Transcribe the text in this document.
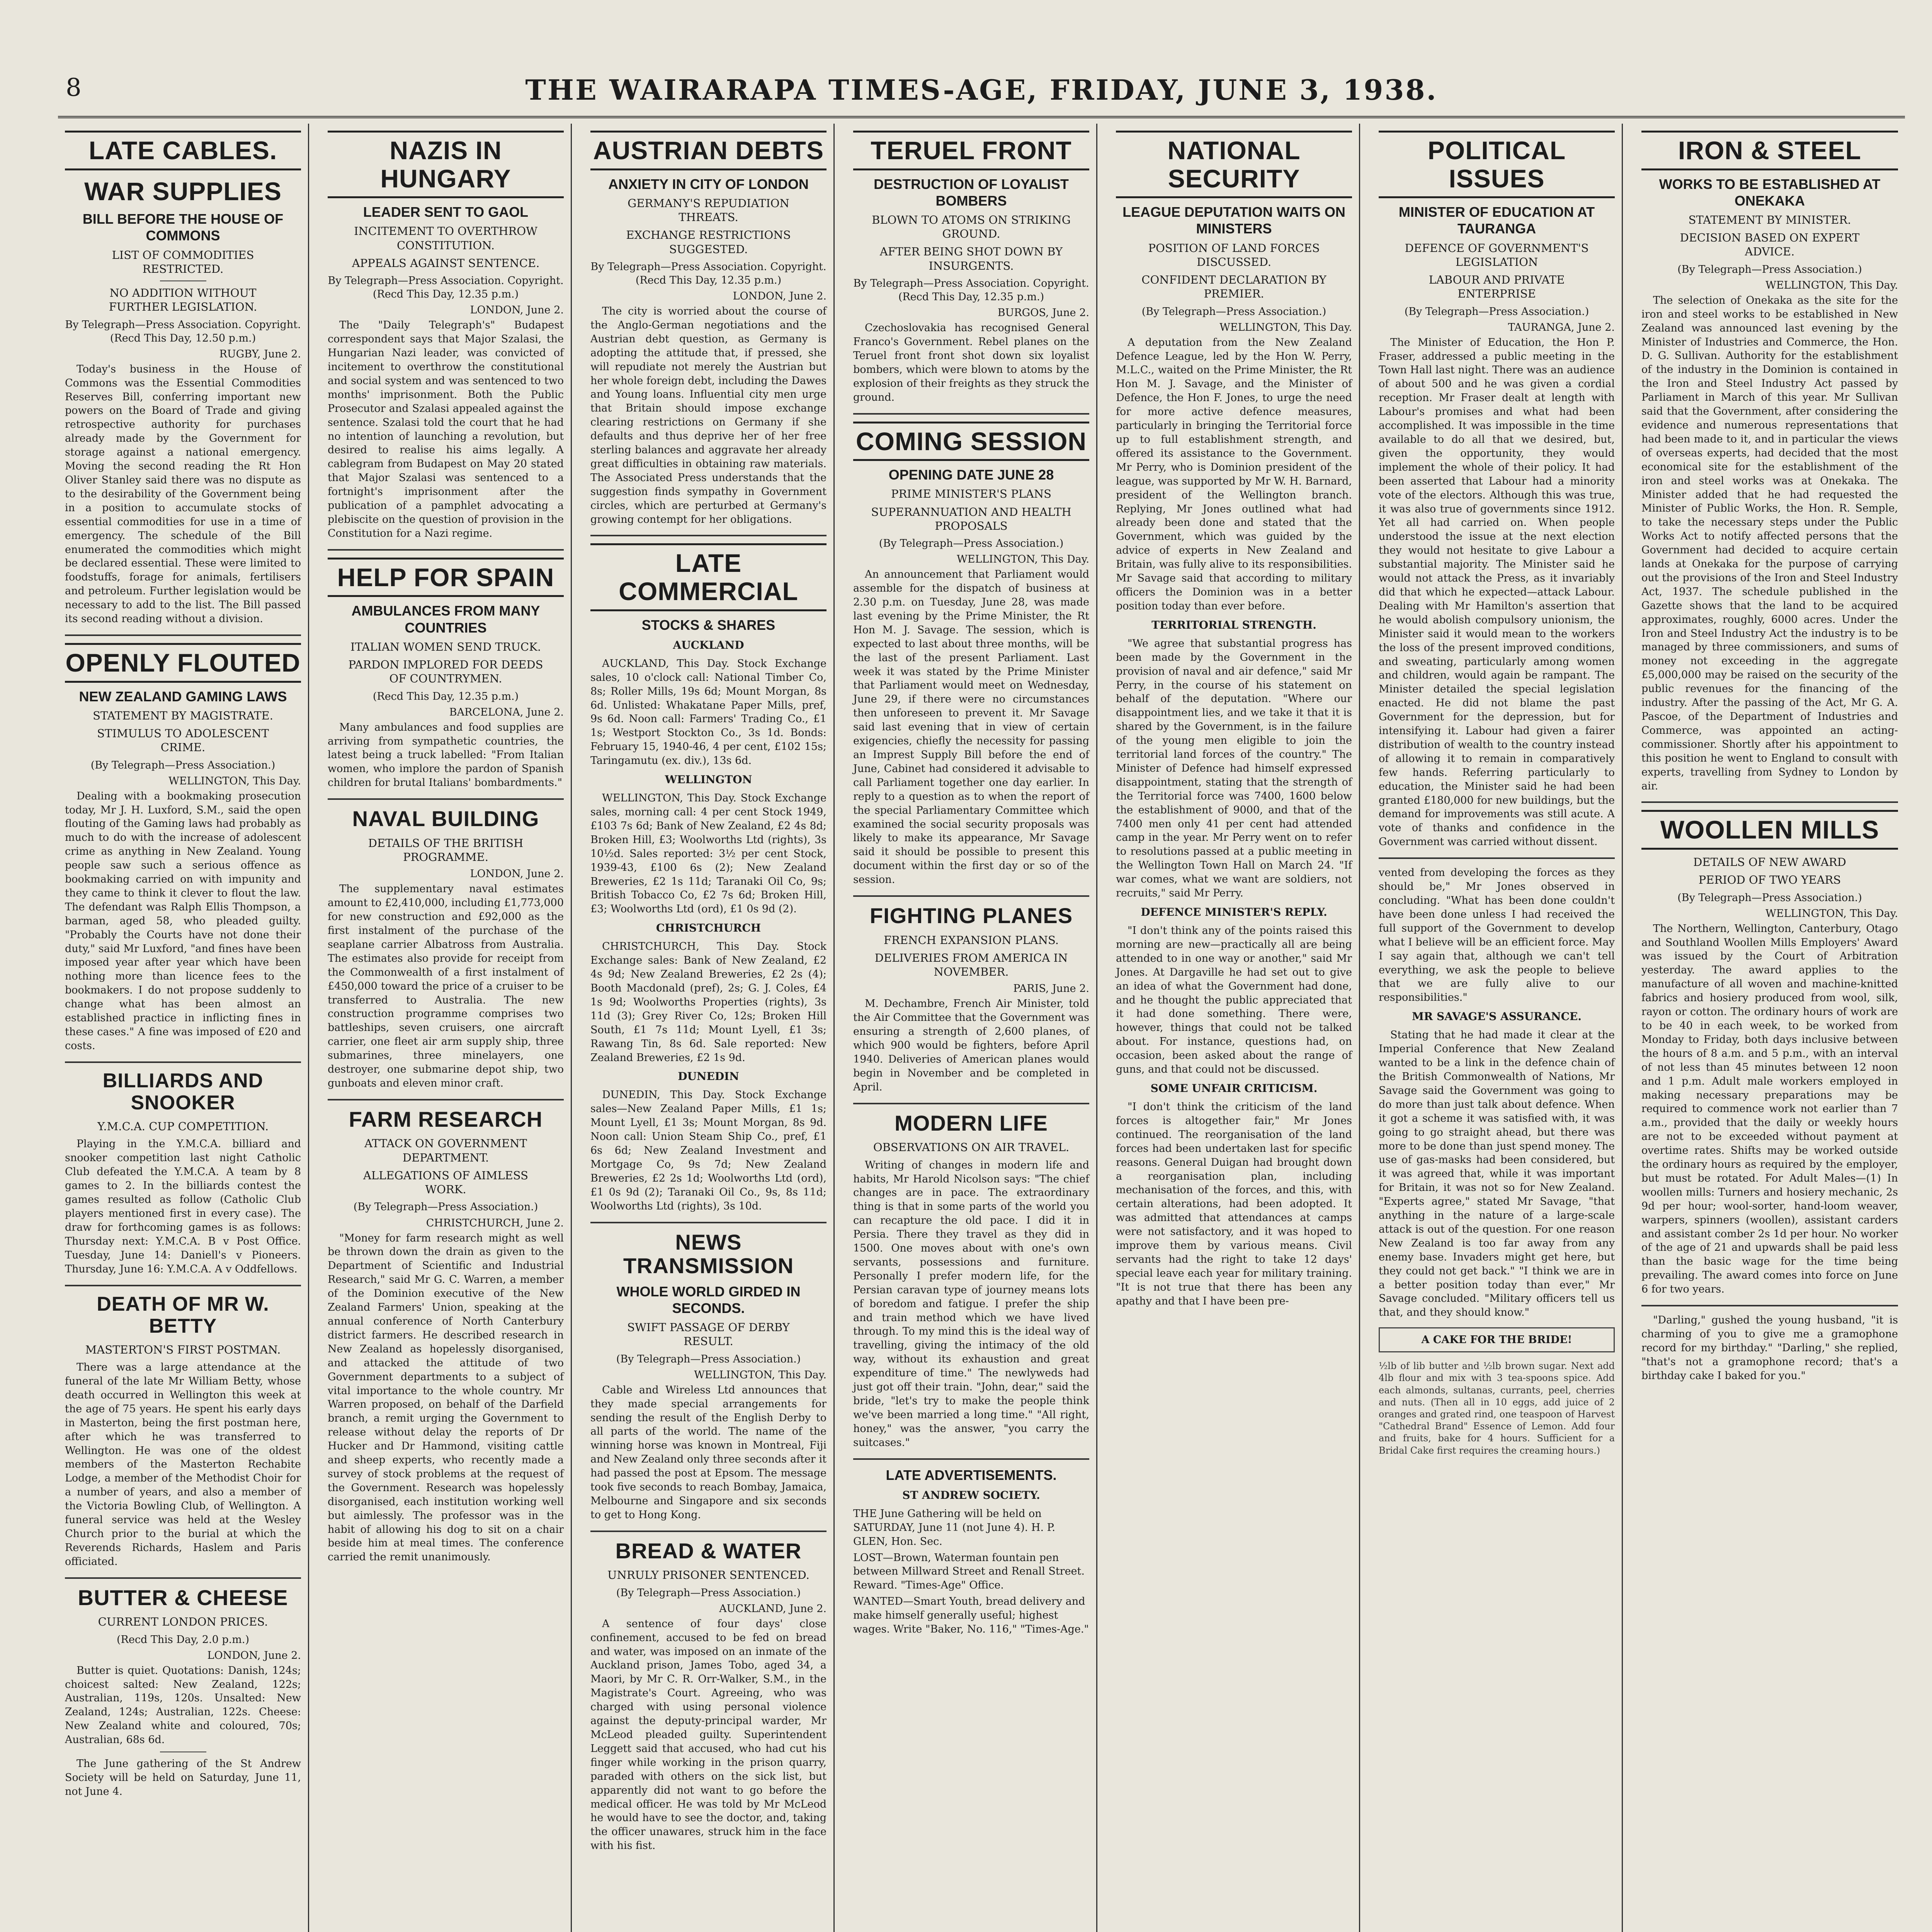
8	THE WAIRARAPA TIMES-AGE, FRIDAY, JUNE 3, 1938.
LATE CABLES.
WAR SUPPLIES
BILL BEFORE THE HOUSE OF COMMONS
LIST OF COMMODITIES RESTRICTED.
NO ADDITION WITHOUT FURTHER LEGISLATION.
By Telegraph—Press Association. Copyright. (Recd This Day, 12.50 p.m.)
RUGBY, June 2.

Today's business in the House of Commons was the Essential Commodities Reserves Bill, conferring important new powers on the Board of Trade and giving retrospective authority for purchases already made by the Government for storage against a national emergency. Moving the second reading the Rt Hon Oliver Stanley said there was no dispute as to the desirability of the Government being in a position to accumulate stocks of essential commodities for use in a time of emergency. The schedule of the Bill enumerated the commodities which might be declared essential. These were limited to foodstuffs, forage for animals, fertilisers and petroleum. Further legislation would be necessary to add to the list. The Bill passed its second reading without a division.

OPENLY FLOUTED
NEW ZEALAND GAMING LAWS
STATEMENT BY MAGISTRATE.
STIMULUS TO ADOLESCENT CRIME.
(By Telegraph—Press Association.)
WELLINGTON, This Day.

Dealing with a bookmaking prosecution today, Mr J. H. Luxford, S.M., said the open flouting of the Gaming laws had probably as much to do with the increase of adolescent crime as anything in New Zealand. Young people saw such a serious offence as bookmaking carried on with impunity and they came to think it clever to flout the law. The defendant was Ralph Ellis Thompson, a barman, aged 58, who pleaded guilty. "Probably the Courts have not done their duty," said Mr Luxford, "and fines have been imposed year after year which have been nothing more than licence fees to the bookmakers. I do not propose suddenly to change what has been almost an established practice in inflicting fines in these cases." A fine was imposed of £20 and costs.

BILLIARDS AND SNOOKER
Y.M.C.A. CUP COMPETITION.

Playing in the Y.M.C.A. billiard and snooker competition last night Catholic Club defeated the Y.M.C.A. A team by 8 games to 2. In the billiards contest the games resulted as follow (Catholic Club players mentioned first in every case). The draw for forthcoming games is as follows: Thursday next: Y.M.C.A. B v Post Office. Tuesday, June 14: Daniell's v Pioneers. Thursday, June 16: Y.M.C.A. A v Oddfellows.

DEATH OF MR W. BETTY
MASTERTON'S FIRST POSTMAN.

There was a large attendance at the funeral of the late Mr William Betty, whose death occurred in Wellington this week at the age of 75 years. He spent his early days in Masterton, being the first postman here, after which he was transferred to Wellington. He was one of the oldest members of the Masterton Rechabite Lodge, a member of the Methodist Choir for a number of years, and also a member of the Victoria Bowling Club, of Wellington. A funeral service was held at the Wesley Church prior to the burial at which the Reverends Richards, Haslem and Paris officiated.

BUTTER & CHEESE
CURRENT LONDON PRICES.
(Recd This Day, 2.0 p.m.)
LONDON, June 2.

Butter is quiet. Quotations: Danish, 124s; choicest salted: New Zealand, 122s; Australian, 119s, 120s. Unsalted: New Zealand, 124s; Australian, 122s. Cheese: New Zealand white and coloured, 70s; Australian, 68s 6d.

The June gathering of the St Andrew Society will be held on Saturday, June 11, not June 4.

NAZIS IN HUNGARY
LEADER SENT TO GAOL
INCITEMENT TO OVERTHROW CONSTITUTION.
APPEALS AGAINST SENTENCE.
By Telegraph—Press Association. Copyright. (Recd This Day, 12.35 p.m.)
LONDON, June 2.

The "Daily Telegraph's" Budapest correspondent says that Major Szalasi, the Hungarian Nazi leader, was convicted of incitement to overthrow the constitutional and social system and was sentenced to two months' imprisonment. Both the Public Prosecutor and Szalasi appealed against the sentence. Szalasi told the court that he had no intention of launching a revolution, but desired to realise his aims legally. A cablegram from Budapest on May 20 stated that Major Szalasi was sentenced to a fortnight's imprisonment after the publication of a pamphlet advocating a plebiscite on the question of provision in the Constitution for a Nazi regime.

HELP FOR SPAIN
AMBULANCES FROM MANY COUNTRIES
ITALIAN WOMEN SEND TRUCK.
PARDON IMPLORED FOR DEEDS OF COUNTRYMEN.
(Recd This Day, 12.35 p.m.)
BARCELONA, June 2.

Many ambulances and food supplies are arriving from sympathetic countries, the latest being a truck labelled: "From Italian women, who implore the pardon of Spanish children for brutal Italians' bombardments."

NAVAL BUILDING
DETAILS OF THE BRITISH PROGRAMME.
LONDON, June 2.

The supplementary naval estimates amount to £2,410,000, including £1,773,000 for new construction and £92,000 as the first instalment of the purchase of the seaplane carrier Albatross from Australia. The estimates also provide for receipt from the Commonwealth of a first instalment of £450,000 toward the price of a cruiser to be transferred to Australia. The new construction programme comprises two battleships, seven cruisers, one aircraft carrier, one fleet air arm supply ship, three submarines, three minelayers, one destroyer, one submarine depot ship, two gunboats and eleven minor craft.

FARM RESEARCH
ATTACK ON GOVERNMENT DEPARTMENT.
ALLEGATIONS OF AIMLESS WORK.
(By Telegraph—Press Association.)
CHRISTCHURCH, June 2.

"Money for farm research might as well be thrown down the drain as given to the Department of Scientific and Industrial Research," said Mr G. C. Warren, a member of the Dominion executive of the New Zealand Farmers' Union, speaking at the annual conference of North Canterbury district farmers. He described research in New Zealand as hopelessly disorganised, and attacked the attitude of two Government departments to a subject of vital importance to the whole country. Mr Warren proposed, on behalf of the Darfield branch, a remit urging the Government to release without delay the reports of Dr Hucker and Dr Hammond, visiting cattle and sheep experts, who recently made a survey of stock problems at the request of the Government. Research was hopelessly disorganised, each institution working well but aimlessly. The professor was in the habit of allowing his dog to sit on a chair beside him at meal times. The conference carried the remit unanimously.

AUSTRIAN DEBTS
ANXIETY IN CITY OF LONDON
GERMANY'S REPUDIATION THREATS.
EXCHANGE RESTRICTIONS SUGGESTED.
By Telegraph—Press Association. Copyright. (Recd This Day, 12.35 p.m.)
LONDON, June 2.

The city is worried about the course of the Anglo-German negotiations and the Austrian debt question, as Germany is adopting the attitude that, if pressed, she will repudiate not merely the Austrian but her whole foreign debt, including the Dawes and Young loans. Influential city men urge that Britain should impose exchange clearing restrictions on Germany if she defaults and thus deprive her of her free sterling balances and aggravate her already great difficulties in obtaining raw materials. The Associated Press understands that the suggestion finds sympathy in Government circles, which are perturbed at Germany's growing contempt for her obligations.

LATE COMMERCIAL
STOCKS & SHARES
AUCKLAND

AUCKLAND, This Day. Stock Exchange sales, 10 o'clock call: National Timber Co, 8s; Roller Mills, 19s 6d; Mount Morgan, 8s 6d. Unlisted: Whakatane Paper Mills, pref, 9s 6d. Noon call: Farmers' Trading Co., £1 1s; Westport Stockton Co., 3s 1d. Bonds: February 15, 1940-46, 4 per cent, £102 15s; Taringamutu (ex. div.), 13s 6d.

WELLINGTON

WELLINGTON, This Day. Stock Exchange sales, morning call: 4 per cent Stock 1949, £103 7s 6d; Bank of New Zealand, £2 4s 8d; Broken Hill, £3; Woolworths Ltd (rights), 3s 10½d. Sales reported: 3½ per cent Stock, 1939-43, £100 6s (2); New Zealand Breweries, £2 1s 11d; Taranaki Oil Co, 9s; British Tobacco Co, £2 7s 6d; Broken Hill, £3; Woolworths Ltd (ord), £1 0s 9d (2).

CHRISTCHURCH

CHRISTCHURCH, This Day. Stock Exchange sales: Bank of New Zealand, £2 4s 9d; New Zealand Breweries, £2 2s (4); Booth Macdonald (pref), 2s; G. J. Coles, £4 1s 9d; Woolworths Properties (rights), 3s 11d (3); Grey River Co, 12s; Broken Hill South, £1 7s 11d; Mount Lyell, £1 3s; Rawang Tin, 8s 6d. Sale reported: New Zealand Breweries, £2 1s 9d.

DUNEDIN

DUNEDIN, This Day. Stock Exchange sales—New Zealand Paper Mills, £1 1s; Mount Lyell, £1 3s; Mount Morgan, 8s 9d. Noon call: Union Steam Ship Co., pref, £1 6s 6d; New Zealand Investment and Mortgage Co, 9s 7d; New Zealand Breweries, £2 2s 1d; Woolworths Ltd (ord), £1 0s 9d (2); Taranaki Oil Co., 9s, 8s 11d; Woolworths Ltd (rights), 3s 10d.

NEWS TRANSMISSION
WHOLE WORLD GIRDED IN SECONDS.
SWIFT PASSAGE OF DERBY RESULT.
(By Telegraph—Press Association.)
WELLINGTON, This Day.

Cable and Wireless Ltd announces that they made special arrangements for sending the result of the English Derby to all parts of the world. The name of the winning horse was known in Montreal, Fiji and New Zealand only three seconds after it had passed the post at Epsom. The message took five seconds to reach Bombay, Jamaica, Melbourne and Singapore and six seconds to get to Hong Kong.

BREAD & WATER
UNRULY PRISONER SENTENCED.
(By Telegraph—Press Association.)
AUCKLAND, June 2.

A sentence of four days' close confinement, accused to be fed on bread and water, was imposed on an inmate of the Auckland prison, James Tobo, aged 34, a Maori, by Mr C. R. Orr-Walker, S.M., in the Magistrate's Court. Agreeing, who was charged with using personal violence against the deputy-principal warder, Mr McLeod pleaded guilty. Superintendent Leggett said that accused, who had cut his finger while working in the prison quarry, paraded with others on the sick list, but apparently did not want to go before the medical officer. He was told by Mr McLeod he would have to see the doctor, and, taking the officer unawares, struck him in the face with his fist.

TERUEL FRONT
DESTRUCTION OF LOYALIST BOMBERS
BLOWN TO ATOMS ON STRIKING GROUND.
AFTER BEING SHOT DOWN BY INSURGENTS.
By Telegraph—Press Association. Copyright. (Recd This Day, 12.35 p.m.)
BURGOS, June 2.

Czechoslovakia has recognised General Franco's Government. Rebel planes on the Teruel front front shot down six loyalist bombers, which were blown to atoms by the explosion of their freights as they struck the ground.

COMING SESSION
OPENING DATE JUNE 28
PRIME MINISTER'S PLANS
SUPERANNUATION AND HEALTH PROPOSALS
(By Telegraph—Press Association.)
WELLINGTON, This Day.

An announcement that Parliament would assemble for the dispatch of business at 2.30 p.m. on Tuesday, June 28, was made last evening by the Prime Minister, the Rt Hon M. J. Savage. The session, which is expected to last about three months, will be the last of the present Parliament. Last week it was stated by the Prime Minister that Parliament would meet on Wednesday, June 29, if there were no circumstances then unforeseen to prevent it. Mr Savage said last evening that in view of certain exigencies, chiefly the necessity for passing an Imprest Supply Bill before the end of June, Cabinet had considered it advisable to call Parliament together one day earlier. In reply to a question as to when the report of the special Parliamentary Committee which examined the social security proposals was likely to make its appearance, Mr Savage said it should be possible to present this document within the first day or so of the session.

FIGHTING PLANES
FRENCH EXPANSION PLANS.
DELIVERIES FROM AMERICA IN NOVEMBER.
PARIS, June 2.

M. Dechambre, French Air Minister, told the Air Committee that the Government was ensuring a strength of 2,600 planes, of which 900 would be fighters, before April 1940. Deliveries of American planes would begin in November and be completed in April.

MODERN LIFE
OBSERVATIONS ON AIR TRAVEL.

Writing of changes in modern life and habits, Mr Harold Nicolson says: "The chief changes are in pace. The extraordinary thing is that in some parts of the world you can recapture the old pace. I did it in Persia. There they travel as they did in 1500. One moves about with one's own servants, possessions and furniture. Personally I prefer modern life, for the Persian caravan type of journey means lots of boredom and fatigue. I prefer the ship and train method which we have lived through. To my mind this is the ideal way of travelling, giving the intimacy of the old way, without its exhaustion and great expenditure of time." The newlyweds had just got off their train. "John, dear," said the bride, "let's try to make the people think we've been married a long time." "All right, honey," was the answer, "you carry the suitcases."

LATE ADVERTISEMENTS.
ST ANDREW SOCIETY.

THE June Gathering will be held on SATURDAY, June 11 (not June 4). H. P. GLEN, Hon. Sec.

LOST—Brown, Waterman fountain pen between Millward Street and Renall Street. Reward. "Times-Age" Office.

WANTED—Smart Youth, bread delivery and make himself generally useful; highest wages. Write "Baker, No. 116," "Times-Age."

NATIONAL SECURITY
LEAGUE DEPUTATION WAITS ON MINISTERS
POSITION OF LAND FORCES DISCUSSED.
CONFIDENT DECLARATION BY PREMIER.
(By Telegraph—Press Association.)
WELLINGTON, This Day.

A deputation from the New Zealand Defence League, led by the Hon W. Perry, M.L.C., waited on the Prime Minister, the Rt Hon M. J. Savage, and the Minister of Defence, the Hon F. Jones, to urge the need for more active defence measures, particularly in bringing the Territorial force up to full establishment strength, and offered its assistance to the Government. Mr Perry, who is Dominion president of the league, was supported by Mr W. H. Barnard, president of the Wellington branch. Replying, Mr Jones outlined what had already been done and stated that the Government, which was guided by the advice of experts in New Zealand and Britain, was fully alive to its responsibilities. Mr Savage said that according to military officers the Dominion was in a better position today than ever before.

TERRITORIAL STRENGTH.

"We agree that substantial progress has been made by the Government in the provision of naval and air defence," said Mr Perry, in the course of his statement on behalf of the deputation. "Where our disappointment lies, and we take it that it is shared by the Government, is in the failure of the young men eligible to join the territorial land forces of the country." The Minister of Defence had himself expressed disappointment, stating that the strength of the Territorial force was 7400, 1600 below the establishment of 9000, and that of the 7400 men only 41 per cent had attended camp in the year. Mr Perry went on to refer to resolutions passed at a public meeting in the Wellington Town Hall on March 24. "If war comes, what we want are soldiers, not recruits," said Mr Perry.

DEFENCE MINISTER'S REPLY.

"I don't think any of the points raised this morning are new—practically all are being attended to in one way or another," said Mr Jones. At Dargaville he had set out to give an idea of what the Government had done, and he thought the public appreciated that it had done something. There were, however, things that could not be talked about. For instance, questions had, on occasion, been asked about the range of guns, and that could not be discussed.

SOME UNFAIR CRITICISM.

"I don't think the criticism of the land forces is altogether fair," Mr Jones continued. The reorganisation of the land forces had been undertaken last for specific reasons. General Duigan had brought down a reorganisation plan, including mechanisation of the forces, and this, with certain alterations, had been adopted. It was admitted that attendances at camps were not satisfactory, and it was hoped to improve them by various means. Civil servants had the right to take 12 days' special leave each year for military training. "It is not true that there has been any apathy and that I have been pre-

POLITICAL ISSUES
MINISTER OF EDUCATION AT TAURANGA
DEFENCE OF GOVERNMENT'S LEGISLATION
LABOUR AND PRIVATE ENTERPRISE
(By Telegraph—Press Association.)
TAURANGA, June 2.

The Minister of Education, the Hon P. Fraser, addressed a public meeting in the Town Hall last night. There was an audience of about 500 and he was given a cordial reception. Mr Fraser dealt at length with Labour's promises and what had been accomplished. It was impossible in the time available to do all that we desired, but, given the opportunity, they would implement the whole of their policy. It had been asserted that Labour had a minority vote of the electors. Although this was true, it was also true of governments since 1912. Yet all had carried on. When people understood the issue at the next election they would not hesitate to give Labour a substantial majority. The Minister said he would not attack the Press, as it invariably did that which he expected—attack Labour. Dealing with Mr Hamilton's assertion that he would abolish compulsory unionism, the Minister said it would mean to the workers the loss of the present improved conditions, and sweating, particularly among women and children, would again be rampant. The Minister detailed the special legislation enacted. He did not blame the past Government for the depression, but for intensifying it. Labour had given a fairer distribution of wealth to the country instead of allowing it to remain in comparatively few hands. Referring particularly to education, the Minister said he had been granted £180,000 for new buildings, but the demand for improvements was still acute. A vote of thanks and confidence in the Government was carried without dissent.

vented from developing the forces as they should be," Mr Jones observed in concluding. "What has been done couldn't have been done unless I had received the full support of the Government to develop what I believe will be an efficient force. May I say again that, although we can't tell everything, we ask the people to believe that we are fully alive to our responsibilities."

MR SAVAGE'S ASSURANCE.

Stating that he had made it clear at the Imperial Conference that New Zealand wanted to be a link in the defence chain of the British Commonwealth of Nations, Mr Savage said the Government was going to do more than just talk about defence. When it got a scheme it was satisfied with, it was going to go straight ahead, but there was more to be done than just spend money. The use of gas-masks had been considered, but it was agreed that, while it was important for Britain, it was not so for New Zealand. "Experts agree," stated Mr Savage, "that anything in the nature of a large-scale attack is out of the question. For one reason New Zealand is too far away from any enemy base. Invaders might get here, but they could not get back." "I think we are in a better position today than ever," Mr Savage concluded. "Military officers tell us that, and they should know."

A CAKE FOR THE BRIDE!

½lb of lib butter and ½lb brown sugar. Next add 4lb flour and mix with 3 tea-spoons spice. Add each almonds, sultanas, currants, peel, cherries and nuts. (Then all in 10 eggs, add juice of 2 oranges and grated rind, one teaspoon of Harvest "Cathedral Brand" Essence of Lemon. Add four and fruits, bake for 4 hours. Sufficient for a Bridal Cake first requires the creaming hours.)

IRON & STEEL
WORKS TO BE ESTABLISHED AT ONEKAKA
STATEMENT BY MINISTER.
DECISION BASED ON EXPERT ADVICE.
(By Telegraph—Press Association.)
WELLINGTON, This Day.

The selection of Onekaka as the site for the iron and steel works to be established in New Zealand was announced last evening by the Minister of Industries and Commerce, the Hon. D. G. Sullivan. Authority for the establishment of the industry in the Dominion is contained in the Iron and Steel Industry Act passed by Parliament in March of this year. Mr Sullivan said that the Government, after considering the evidence and numerous representations that had been made to it, and in particular the views of overseas experts, had decided that the most economical site for the establishment of the iron and steel works was at Onekaka. The Minister added that he had requested the Minister of Public Works, the Hon. R. Semple, to take the necessary steps under the Public Works Act to notify affected persons that the Government had decided to acquire certain lands at Onekaka for the purpose of carrying out the provisions of the Iron and Steel Industry Act, 1937. The schedule published in the Gazette shows that the land to be acquired approximates, roughly, 6000 acres. Under the Iron and Steel Industry Act the industry is to be managed by three commissioners, and sums of money not exceeding in the aggregate £5,000,000 may be raised on the security of the public revenues for the financing of the industry. After the passing of the Act, Mr G. A. Pascoe, of the Department of Industries and Commerce, was appointed an acting-commissioner. Shortly after his appointment to this position he went to England to consult with experts, travelling from Sydney to London by air.

WOOLLEN MILLS
DETAILS OF NEW AWARD
PERIOD OF TWO YEARS
(By Telegraph—Press Association.)
WELLINGTON, This Day.

The Northern, Wellington, Canterbury, Otago and Southland Woollen Mills Employers' Award was issued by the Court of Arbitration yesterday. The award applies to the manufacture of all woven and machine-knitted fabrics and hosiery produced from wool, silk, rayon or cotton. The ordinary hours of work are to be 40 in each week, to be worked from Monday to Friday, both days inclusive between the hours of 8 a.m. and 5 p.m., with an interval of not less than 45 minutes between 12 noon and 1 p.m. Adult male workers employed in making necessary preparations may be required to commence work not earlier than 7 a.m., provided that the daily or weekly hours are not to be exceeded without payment at overtime rates. Shifts may be worked outside the ordinary hours as required by the employer, but must be rotated. For Adult Males—(1) In woollen mills: Turners and hosiery mechanic, 2s 9d per hour; wool-sorter, hand-loom weaver, warpers, spinners (woollen), assistant carders and assistant comber 2s 1d per hour. No worker of the age of 21 and upwards shall be paid less than the basic wage for the time being prevailing. The award comes into force on June 6 for two years.

"Darling," gushed the young husband, "it is charming of you to give me a gramophone record for my birthday." "Darling," she replied, "that's not a gramophone record; that's a birthday cake I baked for you."
